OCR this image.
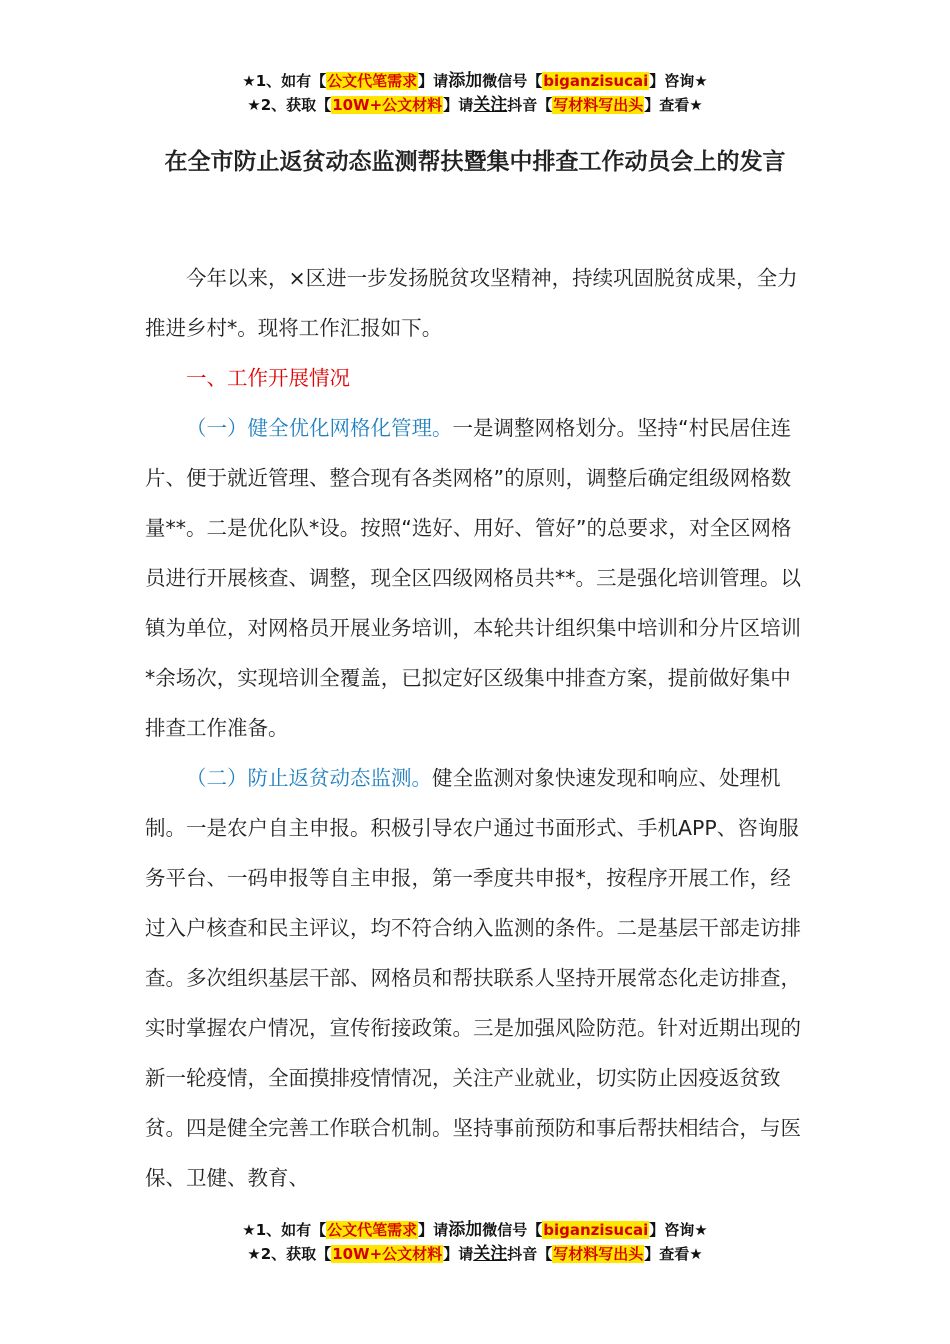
★1、如有【公文代笔需求】请添加微信号【biganzisucai】咨询★
★2、获取【10W+公文材料】请关注抖音【写材料写出头】查看★
在全市防止返贫动态监测帮扶暨集中排查工作动员会上的发言

今年以来，×区进一步发扬脱贫攻坚精神，持续巩固脱贫成果，全力推进乡村*。现将工作汇报如下。

一、工作开展情况

（一）健全优化网格化管理。一是调整网格划分。坚持“村民居住连片、便于就近管理、整合现有各类网格”的原则，调整后确定组级网格数量**。二是优化队*设。按照“选好、用好、管好”的总要求，对全区网格员进行开展核查、调整，现全区四级网格员共**。三是强化培训管理。以镇为单位，对网格员开展业务培训，本轮共计组织集中培训和分片区培训*余场次，实现培训全覆盖，已拟定好区级集中排查方案，提前做好集中排查工作准备。

（二）防止返贫动态监测。健全监测对象快速发现和响应、处理机制。一是农户自主申报。积极引导农户通过书面形式、手机APP、咨询服务平台、一码申报等自主申报，第一季度共申报*，按程序开展工作，经过入户核查和民主评议，均不符合纳入监测的条件。二是基层干部走访排查。多次组织基层干部、网格员和帮扶联系人坚持开展常态化走访排查，实时掌握农户情况，宣传衔接政策。三是加强风险防范。针对近期出现的新一轮疫情，全面摸排疫情情况，关注产业就业，切实防止因疫返贫致贫。四是健全完善工作联合机制。坚持事前预防和事后帮扶相结合，与医保、卫健、教育、

★1、如有【公文代笔需求】请添加微信号【biganzisucai】咨询★
★2、获取【10W+公文材料】请关注抖音【写材料写出头】查看★
